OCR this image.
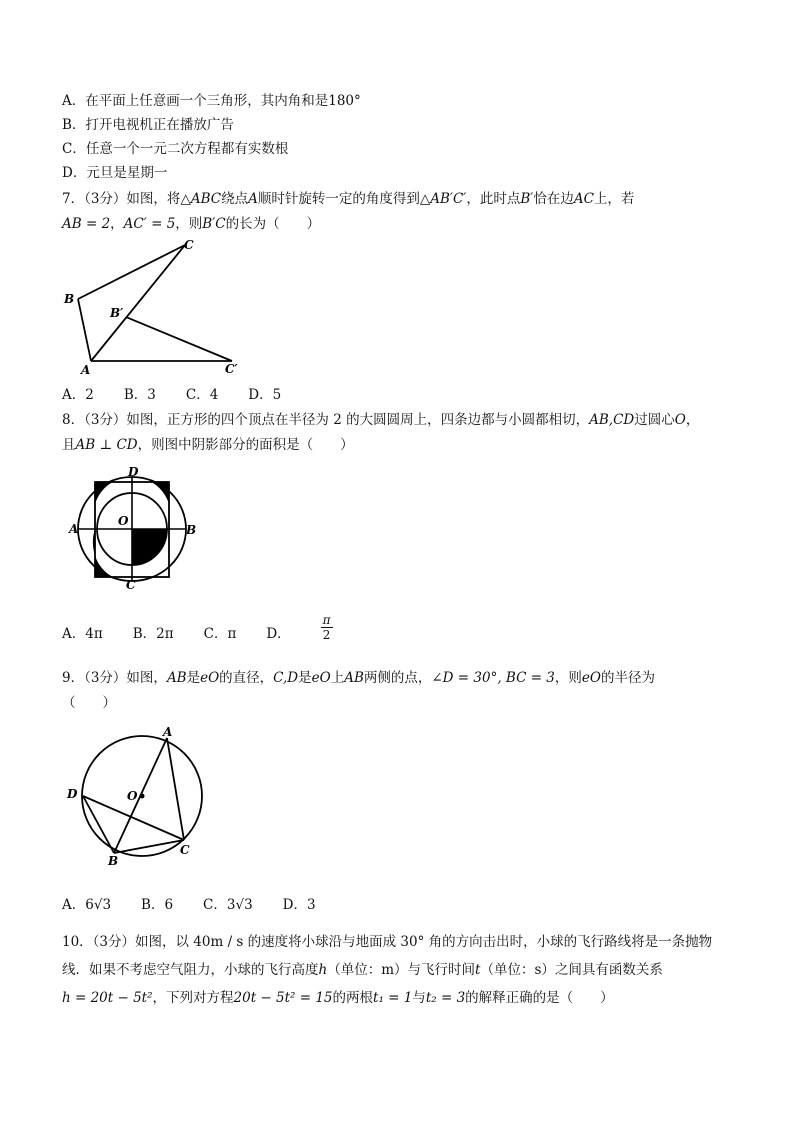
A．在平面上任意画一个三角形，其内角和是180°
B．打开电视机正在播放广告
C．任意一个一元二次方程都有实数根
D．元旦是星期一
7．（3分）如图，将△ABC绕点A顺时针旋转一定的角度得到△AB′C′，此时点B′恰在边AC上，若
AB = 2，AC′ = 5，则B′C的长为（　　）
C
B
B′
A	C′
A．2 B．3 C．4 D．5
8．（3分）如图，正方形的四个顶点在半径为 2 的大圆圆周上，四条边都与小圆都相切，AB,CD过圆心O，
且AB ⊥ CD，则图中阴影部分的面积是（　　）
D
A
O
B
C
A．4π B．2π C．π D．	$\frac{\pi}{2}$
9．（3分）如图，AB是eO的直径，C,D是eO上AB两侧的点，∠D = 30°, BC = 3，则eO的半径为
（　　）
A
D	O
B
C
A．6√3 B．6 C．3√3 D．3
10．（3分）如图，以 40m / s 的速度将小球沿与地面成 30° 角的方向击出时，小球的飞行路线将是一条抛物
线．如果不考虑空气阻力，小球的飞行高度h（单位：m）与飞行时间t（单位：s）之间具有函数关系
h = 20t − 5t²，下列对方程20t − 5t² = 15的两根t₁ = 1与t₂ = 3的解释正确的是（　　）
